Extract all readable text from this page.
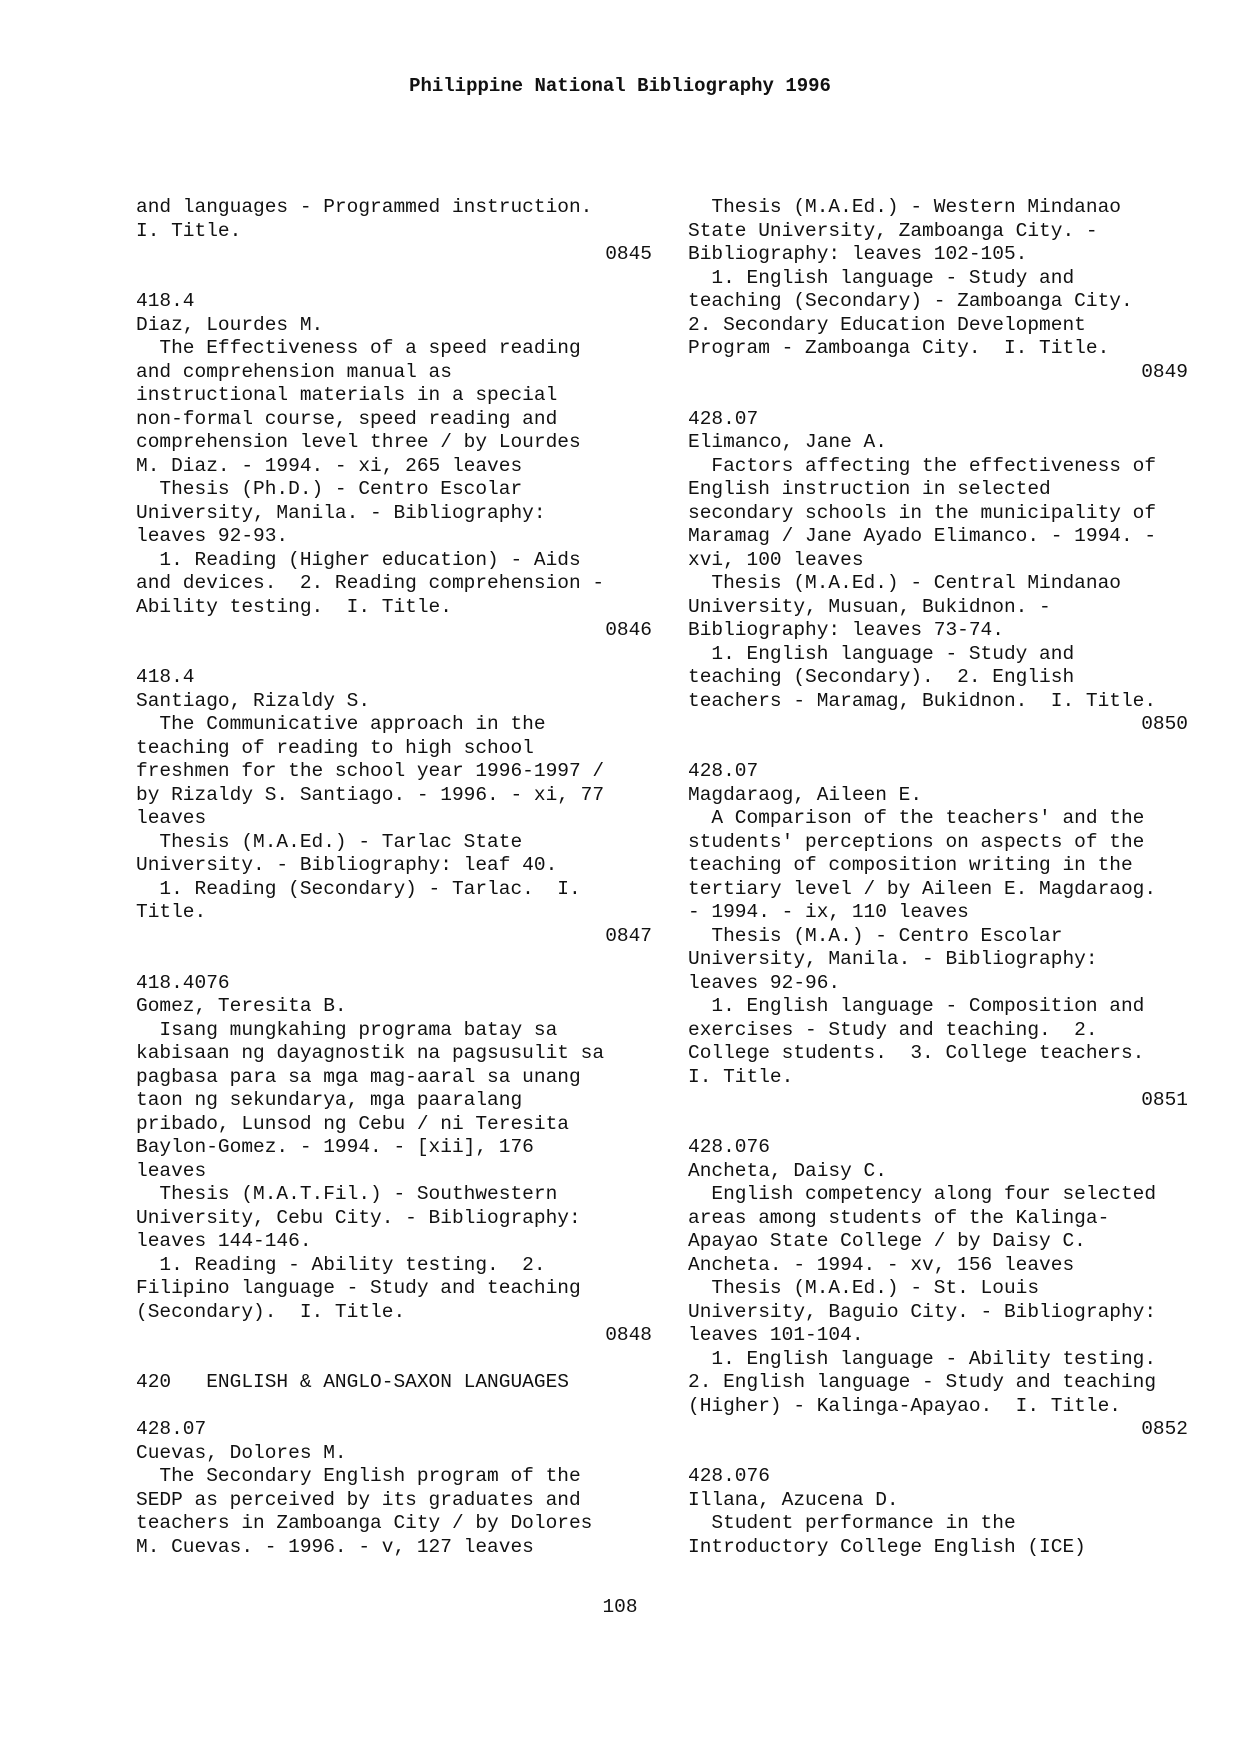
Philippine National Bibliography 1996
and languages - Programmed instruction.
I. Title.
0845
418.4
Diaz, Lourdes M.
The Effectiveness of a speed reading
and comprehension manual as
instructional materials in a special
non-formal course, speed reading and
comprehension level three / by Lourdes
M. Diaz. - 1994. - xi, 265 leaves
Thesis (Ph.D.) - Centro Escolar
University, Manila. - Bibliography:
leaves 92-93.
1. Reading (Higher education) - Aids
and devices.  2. Reading comprehension -
Ability testing.  I. Title.
0846
418.4
Santiago, Rizaldy S.
The Communicative approach in the
teaching of reading to high school
freshmen for the school year 1996-1997 /
by Rizaldy S. Santiago. - 1996. - xi, 77
leaves
Thesis (M.A.Ed.) - Tarlac State
University. - Bibliography: leaf 40.
1. Reading (Secondary) - Tarlac.  I.
Title.
0847
418.4076
Gomez, Teresita B.
Isang mungkahing programa batay sa
kabisaan ng dayagnostik na pagsusulit sa
pagbasa para sa mga mag-aaral sa unang
taon ng sekundarya, mga paaralang
pribado, Lunsod ng Cebu / ni Teresita
Baylon-Gomez. - 1994. - [xii], 176
leaves
Thesis (M.A.T.Fil.) - Southwestern
University, Cebu City. - Bibliography:
leaves 144-146.
1. Reading - Ability testing.  2.
Filipino language - Study and teaching
(Secondary).  I. Title.
0848
420   ENGLISH & ANGLO-SAXON LANGUAGES
428.07
Cuevas, Dolores M.
The Secondary English program of the
SEDP as perceived by its graduates and
teachers in Zamboanga City / by Dolores
M. Cuevas. - 1996. - v, 127 leaves
Thesis (M.A.Ed.) - Western Mindanao
State University, Zamboanga City. -
Bibliography: leaves 102-105.
1. English language - Study and
teaching (Secondary) - Zamboanga City.
2. Secondary Education Development
Program - Zamboanga City.  I. Title.
0849
428.07
Elimanco, Jane A.
Factors affecting the effectiveness of
English instruction in selected
secondary schools in the municipality of
Maramag / Jane Ayado Elimanco. - 1994. -
xvi, 100 leaves
Thesis (M.A.Ed.) - Central Mindanao
University, Musuan, Bukidnon. -
Bibliography: leaves 73-74.
1. English language - Study and
teaching (Secondary).  2. English
teachers - Maramag, Bukidnon.  I. Title.
0850
428.07
Magdaraog, Aileen E.
A Comparison of the teachers' and the
students' perceptions on aspects of the
teaching of composition writing in the
tertiary level / by Aileen E. Magdaraog.
- 1994. - ix, 110 leaves
Thesis (M.A.) - Centro Escolar
University, Manila. - Bibliography:
leaves 92-96.
1. English language - Composition and
exercises - Study and teaching.  2.
College students.  3. College teachers.
I. Title.
0851
428.076
Ancheta, Daisy C.
English competency along four selected
areas among students of the Kalinga-
Apayao State College / by Daisy C.
Ancheta. - 1994. - xv, 156 leaves
Thesis (M.A.Ed.) - St. Louis
University, Baguio City. - Bibliography:
leaves 101-104.
1. English language - Ability testing.
2. English language - Study and teaching
(Higher) - Kalinga-Apayao.  I. Title.
0852
428.076
Illana, Azucena D.
Student performance in the
Introductory College English (ICE)
108
